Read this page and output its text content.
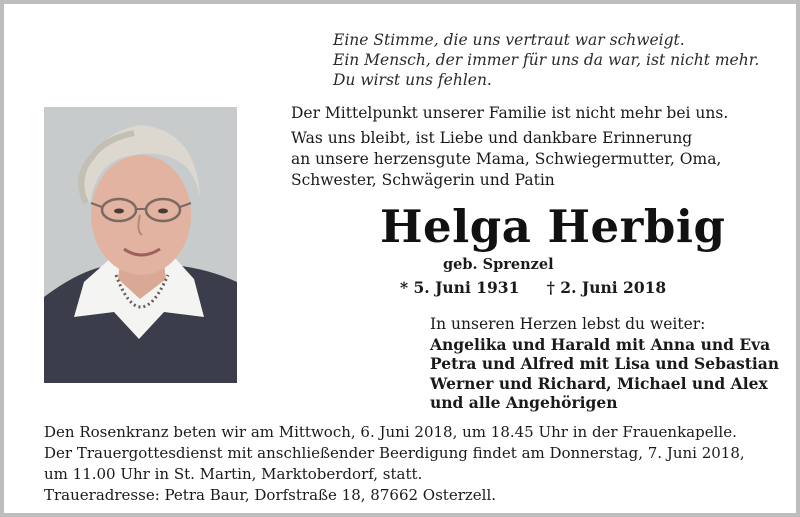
Eine Stimme, die uns vertraut war schweigt.
Ein Mensch, der immer für uns da war, ist nicht mehr.
Du wirst uns fehlen.
Der Mittelpunkt unserer Familie ist nicht mehr bei uns.
Was uns bleibt, ist Liebe und dankbare Erinnerung
an unsere herzensgute Mama, Schwiegermutter, Oma,
Schwester, Schwägerin und Patin
Helga Herbig
geb. Sprenzel
* 5. Juni 1931 † 2. Juni 2018
In unseren Herzen lebst du weiter:
Angelika und Harald mit Anna und Eva
Petra und Alfred mit Lisa und Sebastian
Werner und Richard, Michael und Alex
und alle Angehörigen
Den Rosenkranz beten wir am Mittwoch, 6. Juni 2018, um 18.45 Uhr in der Frauenkapelle.
Der Trauergottesdienst mit anschließender Beerdigung findet am Donnerstag, 7. Juni 2018,
um 11.00 Uhr in St. Martin, Marktoberdorf, statt.
Traueradresse: Petra Baur, Dorfstraße 18, 87662 Osterzell.
